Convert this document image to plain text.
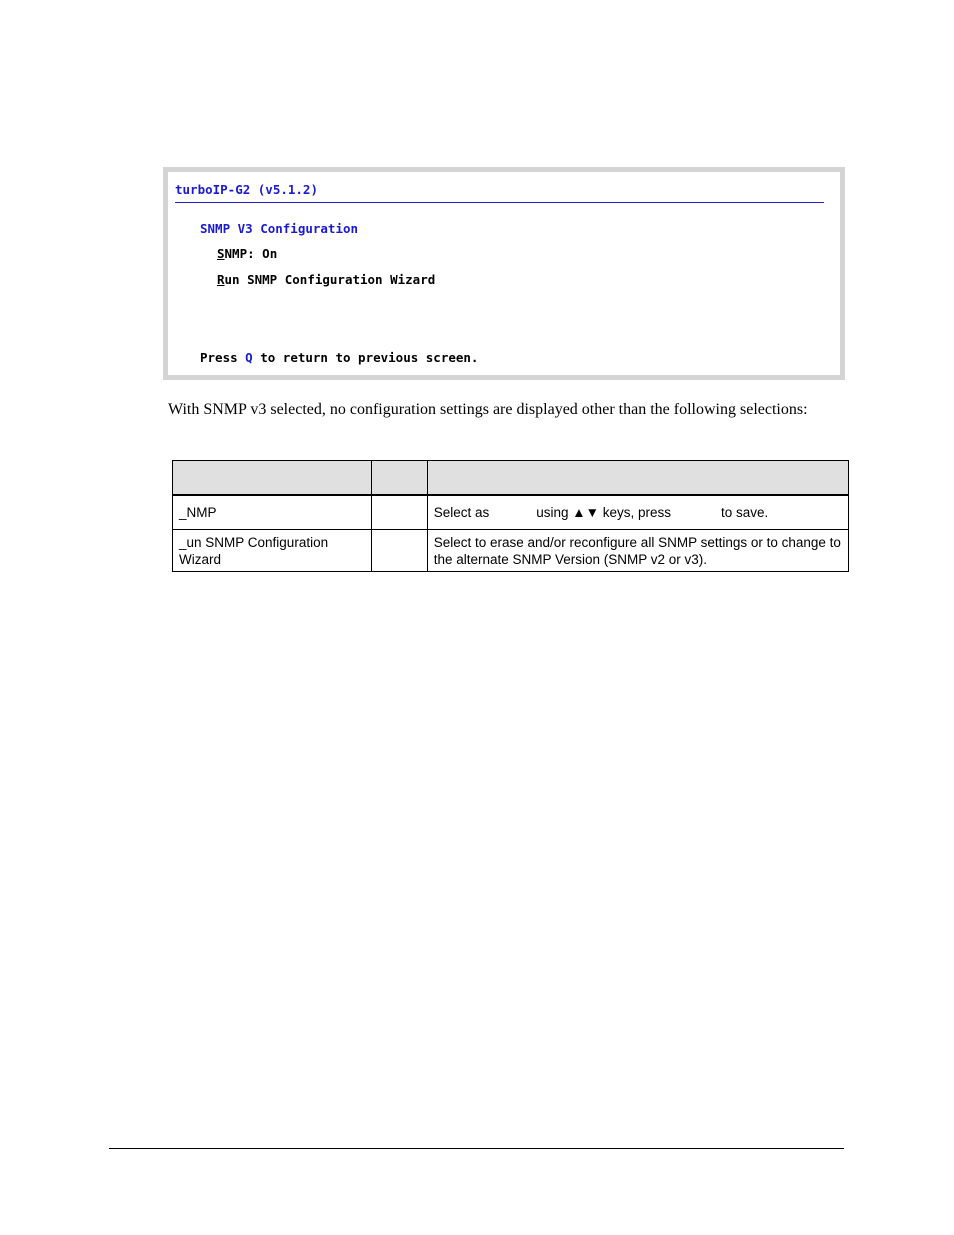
turboIP-G2 (v5.1.2)
SNMP V3 Configuration
SNMP: On
Run SNMP Configuration Wizard
Press Q to return to previous screen.
With SNMP v3 selected, no configuration settings are displayed other than the following selections:

_NMP		Select as using ▲▼ keys, press to save.
_un SNMP Configuration Wizard		Select to erase and/or reconfigure all SNMP settings or to change to the alternate SNMP Version (SNMP v2 or v3).
